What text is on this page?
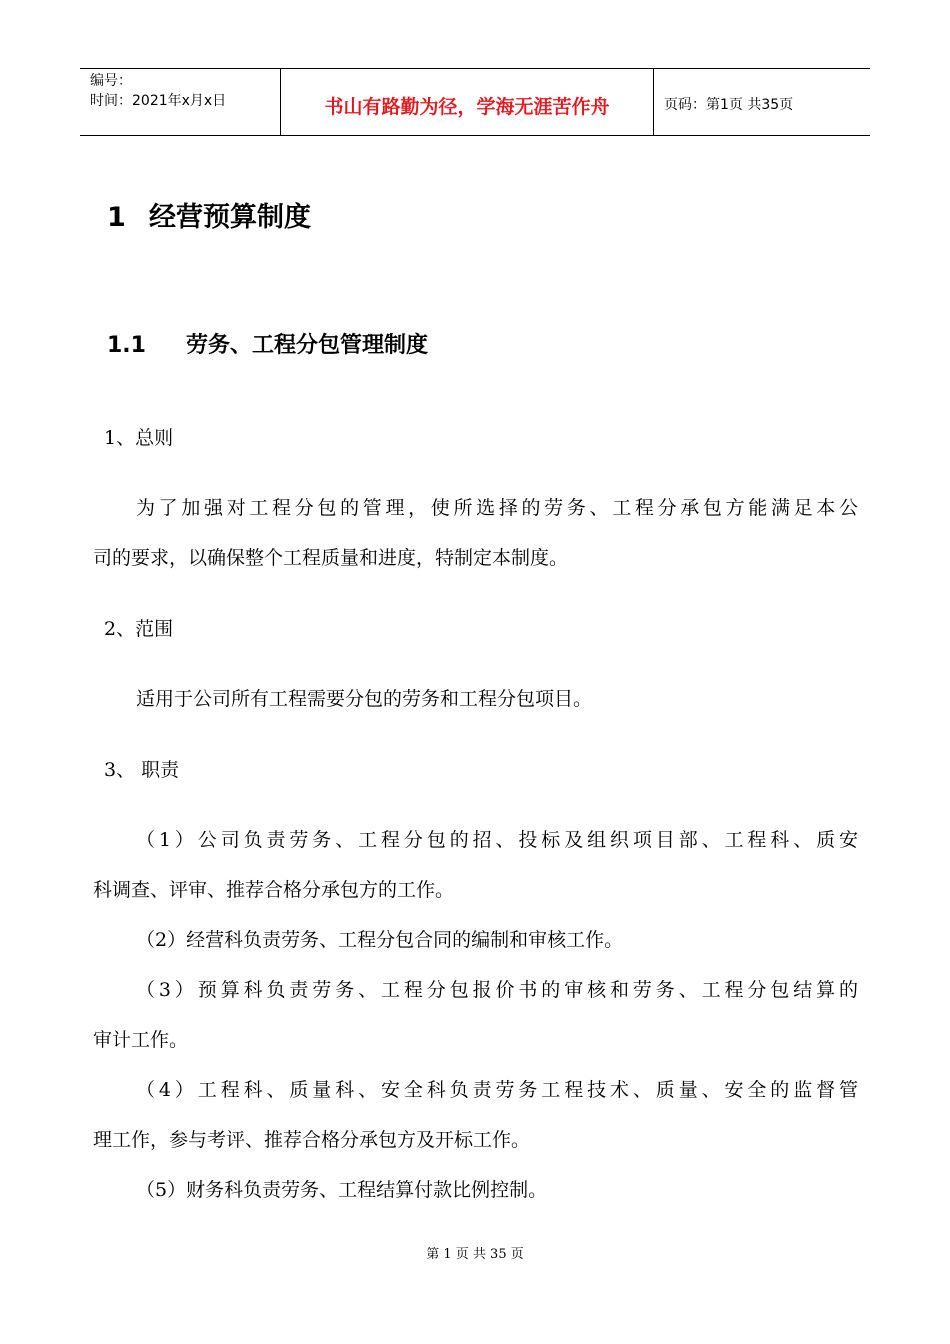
编号：
时间：2021年x月x日	书山有路勤为径，学海无涯苦作舟	页码：第1页 共35页
1 经营预算制度
1.1 劳务、工程分包管理制度
1、总则
为了加强对工程分包的管理，使所选择的劳务、工程分承包方能满足本公
司的要求，以确保整个工程质量和进度，特制定本制度。
2、范围
适用于公司所有工程需要分包的劳务和工程分包项目。
3、 职责
（1）公司负责劳务、工程分包的招、投标及组织项目部、工程科、质安
科调查、评审、推荐合格分承包方的工作。
（2）经营科负责劳务、工程分包合同的编制和审核工作。
（3）预算科负责劳务、工程分包报价书的审核和劳务、工程分包结算的
审计工作。
（4）工程科、质量科、安全科负责劳务工程技术、质量、安全的监督管
理工作，参与考评、推荐合格分承包方及开标工作。
（5）财务科负责劳务、工程结算付款比例控制。
第 1 页 共 35 页
